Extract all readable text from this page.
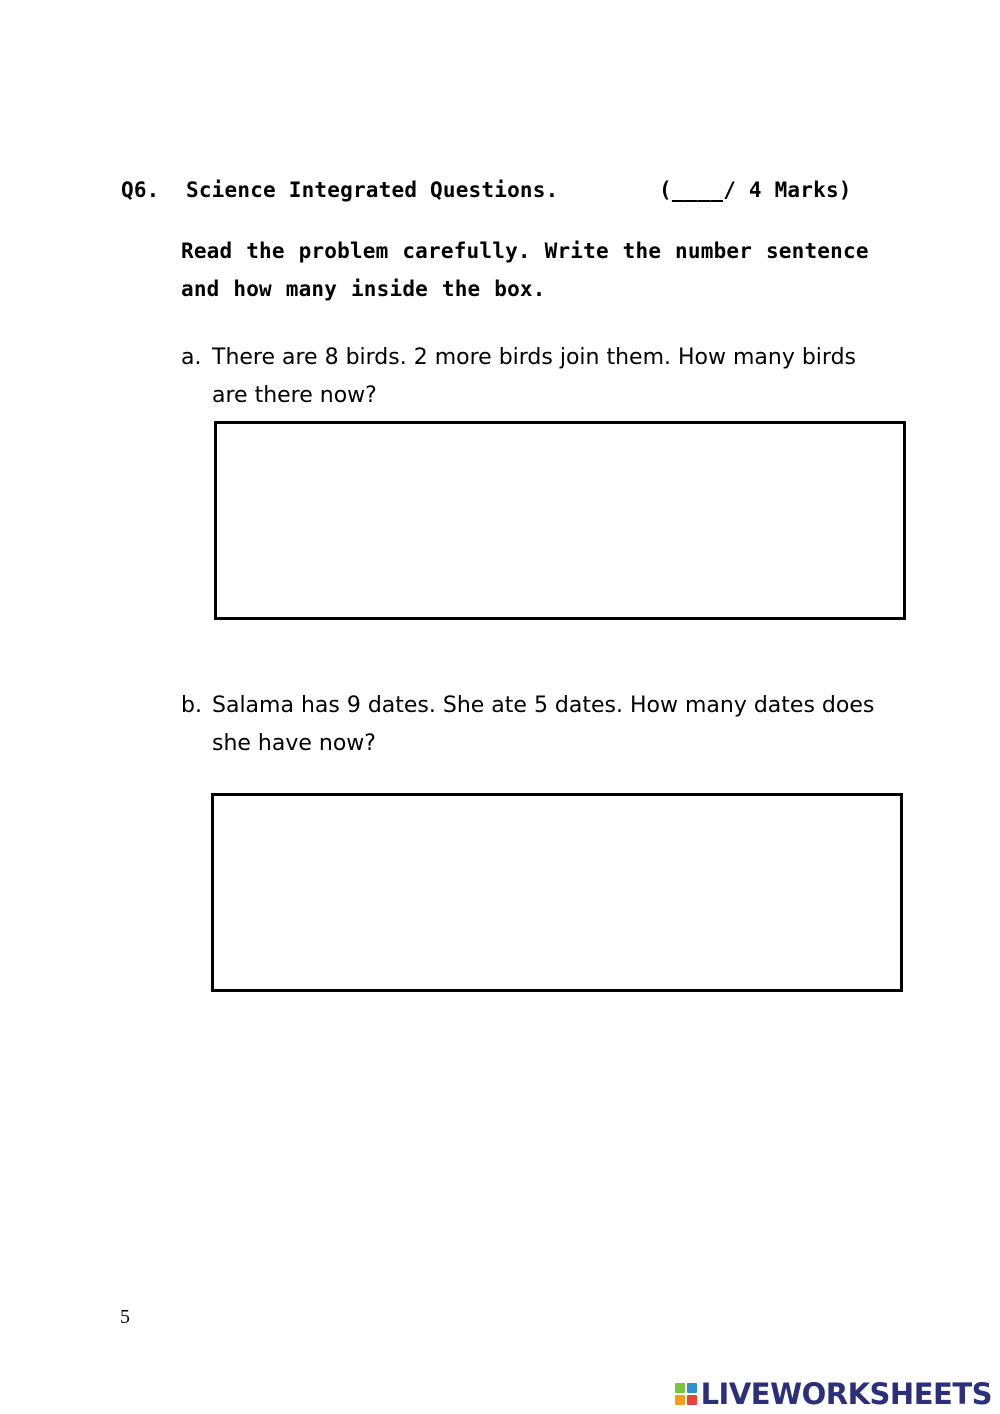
Q6. Science Integrated Questions.	(____/ 4 Marks)
Read the problem carefully. Write the number sentence and how many inside the box.
a. There are 8 birds. 2 more birds join them. How many birds
are there now?
b. Salama has 9 dates. She ate 5 dates. How many dates does
she have now?
5
LIVEWORKSHEETS
